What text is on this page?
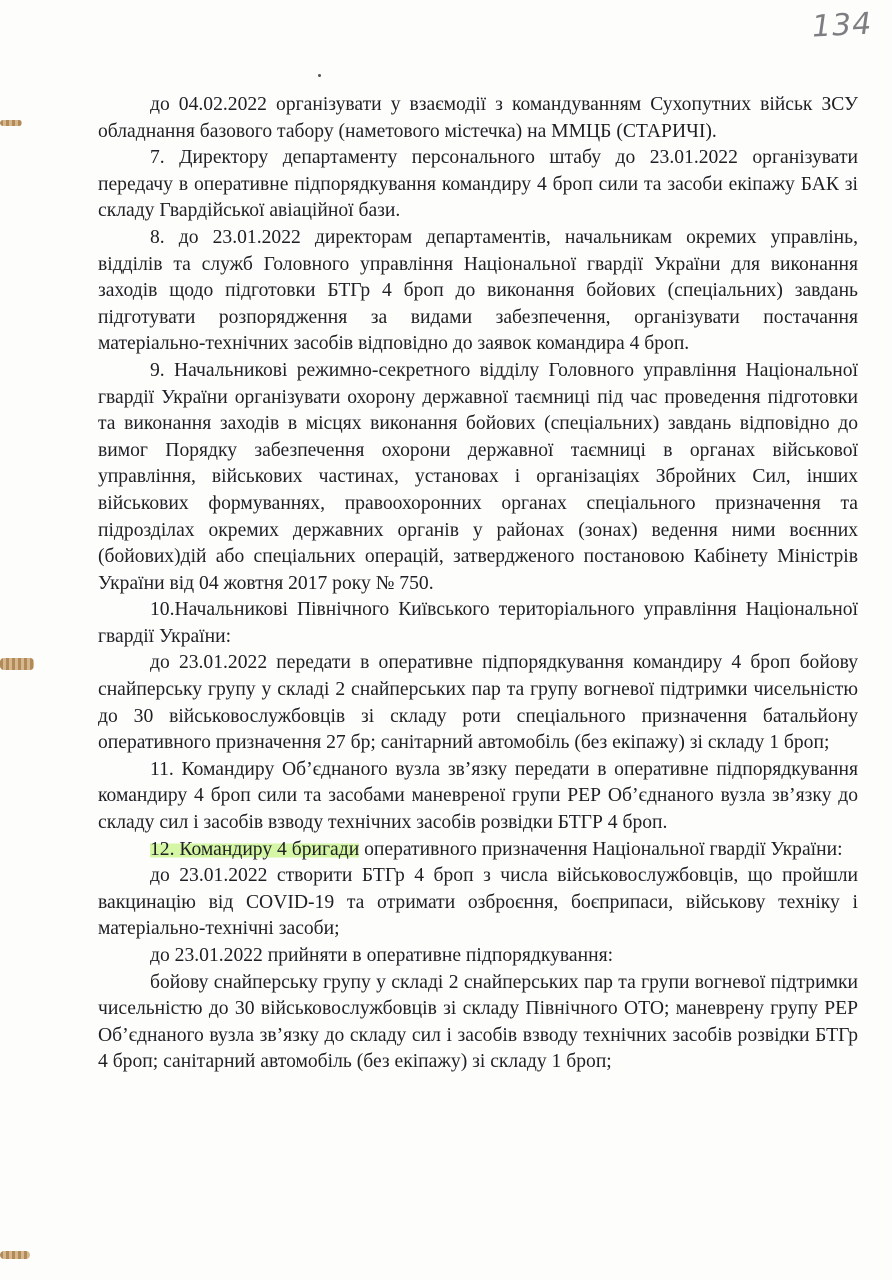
134

до 04.02.2022 організувати у взаємодії з командуванням Сухопутних військ ЗСУ обладнання базового табору (наметового містечка) на ММЦБ (СТАРИЧІ).

7. Директору департаменту персонального штабу до 23.01.2022 організувати передачу в оперативне підпорядкування командиру 4 броп сили та засоби екіпажу БАК зі складу Гвардійської авіаційної бази.

8. до 23.01.2022 директорам департаментів, начальникам окремих управлінь, відділів та служб Головного управління Національної гвардії України для виконання заходів щодо підготовки БТГр 4 броп до виконання бойових (спеціальних) завдань підготувати розпорядження за видами забезпечення, організувати постачання матеріально-технічних засобів відповідно до заявок командира 4 броп.

9. Начальникові режимно-секретного відділу Головного управління Національної гвардії України організувати охорону державної таємниці під час проведення підготовки та виконання заходів в місцях виконання бойових (спеціальних) завдань відповідно до вимог Порядку забезпечення охорони державної таємниці в органах військової управління, військових частинах, установах і організаціях Збройних Сил, інших військових формуваннях, правоохоронних органах спеціального призначення та підрозділах окремих державних органів у районах (зонах) ведення ними воєнних (бойових)дій або спеціальних операцій, затвердженого постановою Кабінету Міністрів України від 04 жовтня 2017 року № 750.

10.Начальникові Північного Київського територіального управління Національної гвардії України:

до 23.01.2022 передати в оперативне підпорядкування командиру 4 броп бойову снайперську групу у складі 2 снайперських пар та групу вогневої підтримки чисельністю до 30 військовослужбовців зі складу роти спеціального призначення батальйону оперативного призначення 27 бр; санітарний автомобіль (без екіпажу) зі складу 1 броп;

11. Командиру Об’єднаного вузла зв’язку передати в оперативне підпорядкування командиру 4 броп сили та засобами маневреної групи РЕР Об’єднаного вузла зв’язку до складу сил і засобів взводу технічних засобів розвідки БТГР 4 броп.

12. Командиру 4 бригади оперативного призначення Національної гвардії України:

до 23.01.2022 створити БТГр 4 броп з числа військовослужбовців, що пройшли вакцинацію від COVID-19 та отримати озброєння, боєприпаси, військову техніку і матеріально-технічні засоби;

до 23.01.2022 прийняти в оперативне підпорядкування:

бойову снайперську групу у складі 2 снайперських пар та групи вогневої підтримки чисельністю до 30 військовослужбовців зі складу Північного ОТО; маневрену групу РЕР Об’єднаного вузла зв’язку до складу сил і засобів взводу технічних засобів розвідки БТГр 4 броп; санітарний автомобіль (без екіпажу) зі складу 1 броп;
